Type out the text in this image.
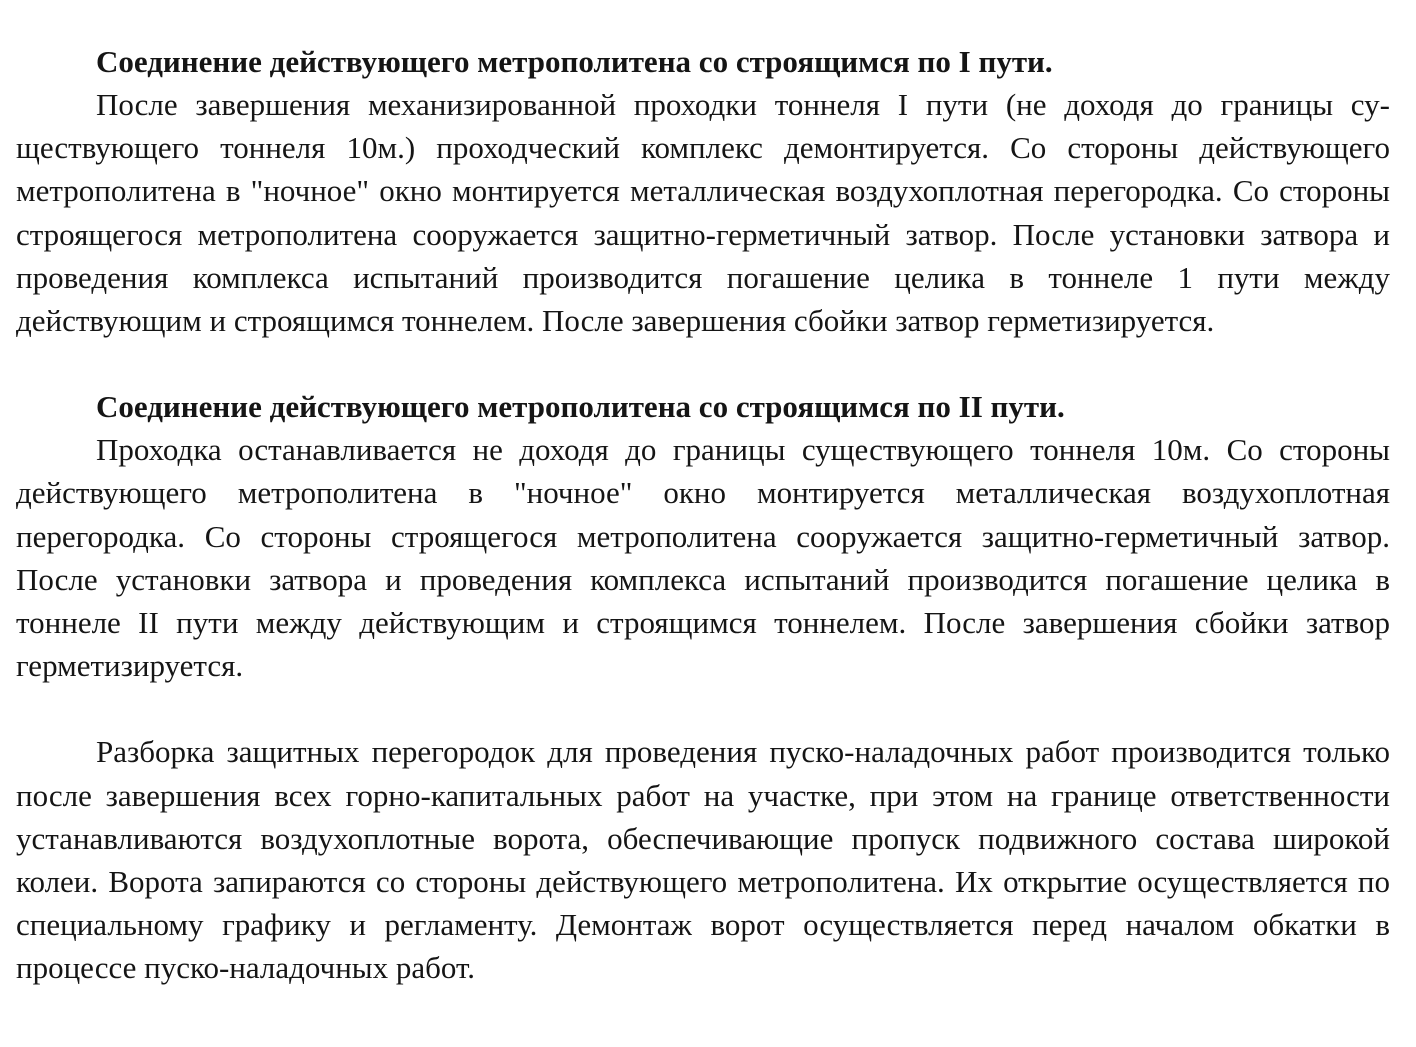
Соединение действующего метрополитена со строящимся по I пути.

После завершения механизированной проходки тоннеля I пути (не доходя до границы существующего тоннеля 10м.) проходческий комплекс демонтируется. Со стороны действующего метрополитена в "ночное" окно монтируется металлическая воздухоплотная перегородка. Со стороны строящегося метрополитена сооружается защитно-герметичный затвор. После установки затвора и проведения комплекса испытаний производится погашение целика в тоннеле 1 пути между действующим и строящимся тоннелем. После завершения сбойки затвор герметизируется.

Соединение действующего метрополитена со строящимся по II пути.

Проходка останавливается не доходя до границы существующего тоннеля 10м. Со стороны действующего метрополитена в "ночное" окно монтируется металлическая воздухоплотная перегородка. Со стороны строящегося метрополитена сооружается защитно-герметичный затвор. После установки затвора и проведения комплекса испытаний производится погашение целика в тоннеле II пути между действующим и строящимся тоннелем. После завершения сбойки затвор герметизируется.

Разборка защитных перегородок для проведения пуско-наладочных работ производится только после завершения всех горно-капитальных работ на участке, при этом на границе ответственности устанавливаются воздухоплотные ворота, обеспечивающие пропуск подвижного состава широкой колеи. Ворота запираются со стороны действующего метрополитена. Их открытие осуществляется по специальному графику и регламенту. Демонтаж ворот осуществляется перед началом обкатки в процессе пуско-наладочных работ.
